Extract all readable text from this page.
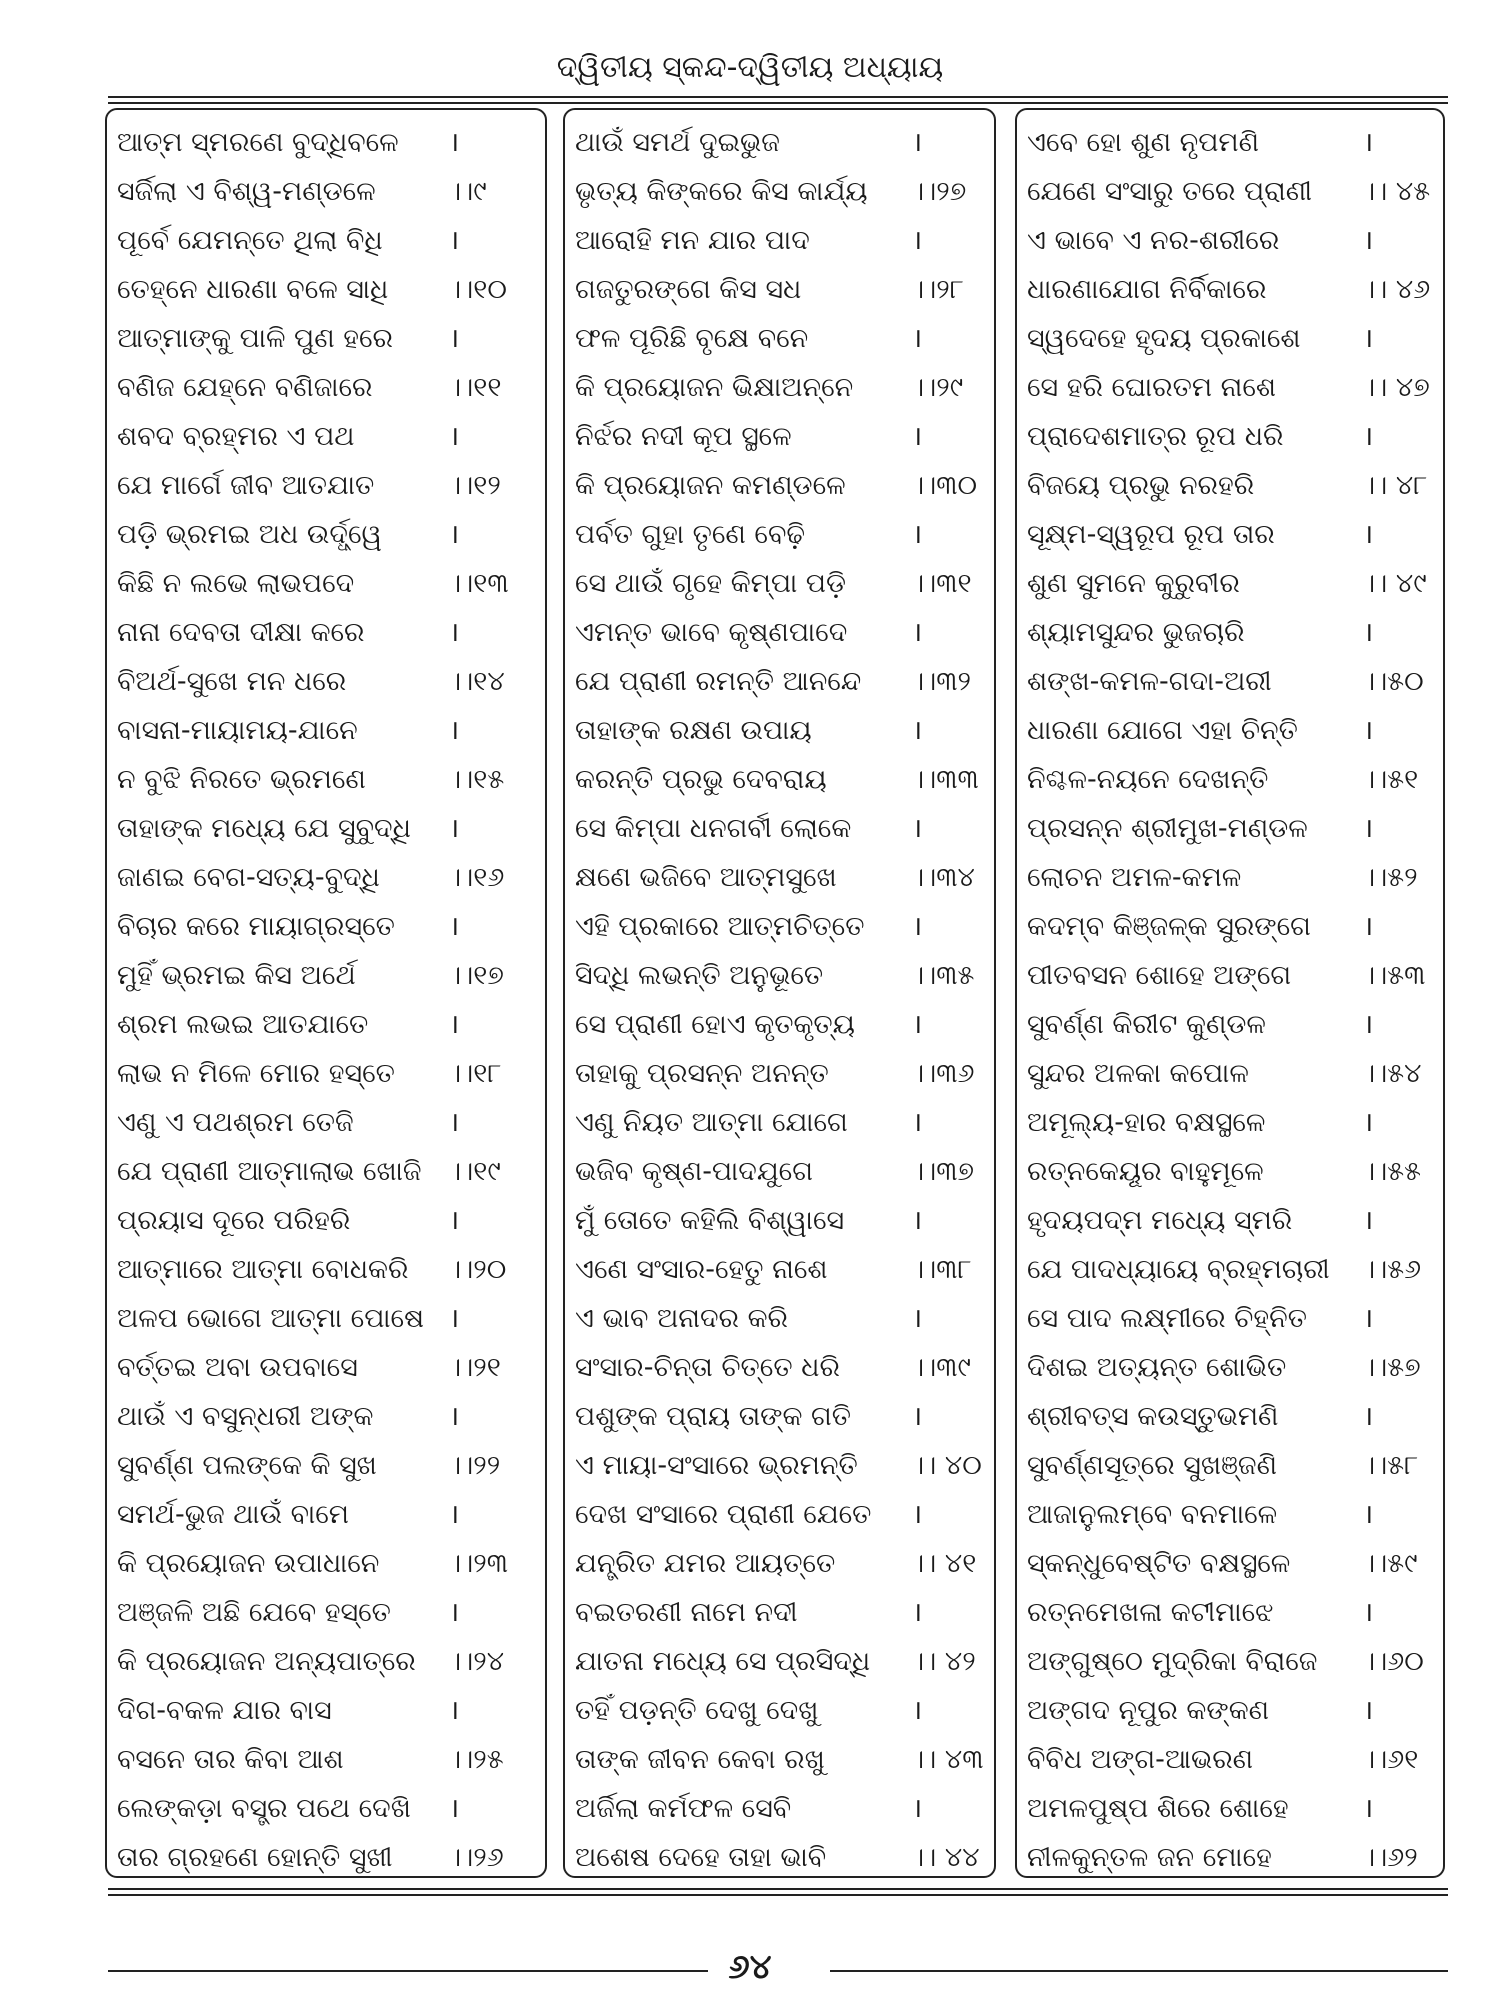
ଦ୍ୱିତୀୟ ସ୍କନ୍ଦ-ଦ୍ୱିତୀୟ ଅଧ୍ୟାୟ
ଆତ୍ମ ସ୍ମରଣେ ବୁଦ୍ଧିବଳେ ।
ସର୍ଜିଲା ଏ ବିଶ୍ୱ-ମଣ୍ଡଳେ	।।୯
ପୂର୍ବେ ଯେମନ୍ତେ ଥିଲା ବିଧି ।
ତେହ୍ନେ ଧାରଣା ବଳେ ସାଧି ।।୧୦
ଆତ୍ମାଙ୍କୁ ପାଳି ପୁଣ ହରେ ।
ବଣିଜ ଯେହ୍ନେ ବଣିଜାରେ	।।୧୧
ଶବଦ ବ୍ରହ୍ମର ଏ ପଥ	।
ଯେ ମାର୍ଗେ ଜୀବ ଆତଯାତ	।।୧୨
ପଡ଼ି ଭ୍ରମଇ ଅଧ ଉର୍ଦ୍ଧ୍ୱେ ।
କିଛି ନ ଲଭେ ଲାଭପଦେ	।।୧୩
ନାନା ଦେବତା ଦୀକ୍ଷା କରେ	।
ବିଅର୍ଥ-ସୁଖେ ମନ ଧରେ	।।୧୪
ବାସନା-ମାୟାମୟ-ଯାନେ	।
ନ ବୁଝି ନିରତେ ଭ୍ରମଣେ	।।୧୫
ତାହାଙ୍କ ମଧ୍ୟେ ଯେ ସୁବୁଦ୍ଧି ।
ଜାଣଇ ବେଗ-ସତ୍ୟ-ବୁଦ୍ଧି	।।୧୬
ବିଚାର କରେ ମାୟାଗ୍ରସ୍ତେ ।
ମୁହିଁ ଭ୍ରମଇ କିସ ଅର୍ଥେ	।।୧୭
ଶ୍ରମ ଲଭଇ ଆତଯାତେ	।
ଲାଭ ନ ମିଳେ ମୋର ହସ୍ତେ ।।୧୮
ଏଣୁ ଏ ପଥଶ୍ରମ ତେଜି	।
ଯେ ପ୍ରାଣୀ ଆତ୍ମାଲାଭ ଖୋଜି ।।୧୯
ପ୍ରୟାସ ଦୂରେ ପରିହରି	।
ଆତ୍ମାରେ ଆତ୍ମା ବୋଧକରି ।।୨୦
ଅଳପ ଭୋଗେ ଆତ୍ମା ପୋଷେ ।
ବର୍ତ୍ତଇ ଅବା ଉପବାସେ	।।୨୧
ଥାଉଁ ଏ ବସୁନ୍ଧରୀ ଅଙ୍କ	।
ସୁବର୍ଣ୍ଣ ପଲଙ୍କେ କି ସୁଖ	।।୨୨
ସମର୍ଥ-ଭୁଜ ଥାଉଁ ବାମେ	।
କି ପ୍ରୟୋଜନ ଉପାଧାନେ	।।୨୩
ଅଞ୍ଜଳି ଅଛି ଯେବେ ହସ୍ତେ ।
କି ପ୍ରୟୋଜନ ଅନ୍ୟପାତ୍ରେ ।।୨୪
ଦିଗ-ବକଳ ଯାର ବାସ	।
ବସନେ ତାର କିବା ଆଶ	।।୨୫
ଲେଙ୍କଡ଼ା ବସ୍ତ୍ର ପଥେ ଦେଖି ।
ତାର ଗ୍ରହଣେ ହୋନ୍ତି ସୁଖୀ ।।୨୬
ଥାଉଁ ସମର୍ଥ ଦୁଇଭୁଜ	।
ଭୃତ୍ୟ କିଙ୍କରେ କିସ କାର୍ଯ୍ୟ ।।୨୭
ଆରୋହି ମନ ଯାର ପାଦ	।
ଗଜତୁରଙ୍ଗେ କିସ ସଧ	।।୨୮
ଫଳ ପୂରିଛି ବୃକ୍ଷେ ବନେ	।
କି ପ୍ରୟୋଜନ ଭିକ୍ଷାଅନ୍ନେ ।।୨୯
ନିର୍ଝର ନଦୀ କୂପ ସ୍ଥଳେ	।
କି ପ୍ରୟୋଜନ କମଣ୍ଡଳେ ।।୩୦
ପର୍ବତ ଗୁହା ତୃଣେ ବେଢ଼ି	।
ସେ ଥାଉଁ ଗୃହେ କିମ୍ପା ପଡ଼ି ।।୩୧
ଏମନ୍ତ ଭାବେ କୃଷ୍ଣପାଦେ ।
ଯେ ପ୍ରାଣୀ ରମନ୍ତି ଆନନ୍ଦେ ।।୩୨
ତାହାଙ୍କ ରକ୍ଷଣ ଉପାୟ	।
କରନ୍ତି ପ୍ରଭୁ ଦେବରାୟ	।।୩୩
ସେ କିମ୍ପା ଧନଗର୍ବୀ ଲୋକେ ।
କ୍ଷଣେ ଭଜିବେ ଆତ୍ମସୁଖେ	।।୩୪
ଏହି ପ୍ରକାରେ ଆତ୍ମଚିତ୍ତେ ।
ସିଦ୍ଧି ଲଭନ୍ତି ଅନୁଭୂତେ	।।୩୫
ସେ ପ୍ରାଣୀ ହୋଏ କୃତକୃତ୍ୟ ।
ତାହାକୁ ପ୍ରସନ୍ନ ଅନନ୍ତ	।।୩୬
ଏଣୁ ନିୟତ ଆତ୍ମା ଯୋଗେ ।
ଭଜିବ କୃଷ୍ଣ-ପାଦଯୁଗେ	।।୩୭
ମୁଁ ତୋତେ କହିଲି ବିଶ୍ୱାସେ	।
ଏଣେ ସଂସାର-ହେତୁ ନାଶେ	।।୩୮
ଏ ଭାବ ଅନାଦର କରି	।
ସଂସାର-ଚିନ୍ତା ଚିତ୍ତେ ଧରି	।।୩୯
ପଶୁଙ୍କ ପ୍ରାୟ ତାଙ୍କ ଗତି ।
ଏ ମାୟା-ସଂସାରେ ଭ୍ରମନ୍ତି ।। ୪୦
ଦେଖ ସଂସାରେ ପ୍ରାଣୀ ଯେତେ ।
ଯନ୍ତ୍ରିତ ଯମର ଆୟତ୍ତେ	।। ୪୧
ବଇତରଣୀ ନାମେ ନଦୀ	।
ଯାତନା ମଧ୍ୟେ ସେ ପ୍ରସିଦ୍ଧି ।। ୪୨
ତହିଁ ପଡ଼ନ୍ତି ଦେଖୁ ଦେଖୁ	।
ତାଙ୍କ ଜୀବନ କେବା ରଖୁ	।। ୪୩
ଅର୍ଜିଲା କର୍ମଫଳ ସେବି	।
ଅଶେଷ ଦେହେ ତାହା ଭାବି	।। ୪୪
ଏବେ ହୋ ଶୁଣ ନୃପମଣି	।
ଯେଣେ ସଂସାରୁ ତରେ ପ୍ରାଣୀ ।। ୪୫
ଏ ଭାବେ ଏ ନର-ଶରୀରେ	।
ଧାରଣାଯୋଗ ନିର୍ବିକାରେ	।। ୪୬
ସ୍ୱଦେହେ ହୃଦୟ ପ୍ରକାଶେ ।
ସେ ହରି ଘୋରତମ ନାଶେ	।। ୪୭
ପ୍ରାଦେଶମାତ୍ର ରୂପ ଧରି	।
ବିଜୟେ ପ୍ରଭୁ ନରହରି	।। ୪୮
ସୂକ୍ଷ୍ମ-ସ୍ୱରୂପ ରୂପ ତାର	।
ଶୁଣ ସୁମନେ କୁରୁବୀର	।। ୪୯
ଶ୍ୟାମସୁନ୍ଦର ଭୁଜଚାରି	।
ଶଙ୍ଖ-କମଳ-ଗଦା-ଅରୀ	।।୫୦
ଧାରଣା ଯୋଗେ ଏହା ଚିନ୍ତି ।
ନିଶ୍ଚଳ-ନୟନେ ଦେଖନ୍ତି	।।୫୧
ପ୍ରସନ୍ନ ଶ୍ରୀମୁଖ-ମଣ୍ଡଳ ।
ଲୋଚନ ଅମଳ-କମଳ	।।୫୨
କଦମ୍ବ କିଞ୍ଜଳ୍କ ସୁରଙ୍ଗେ ।
ପୀତବସନ ଶୋହେ ଅଙ୍ଗେ	।।୫୩
ସୁବର୍ଣ୍ଣ କିରୀଟ କୁଣ୍ଡଳ	।
ସୁନ୍ଦର ଅଳକା କପୋଳ	।।୫୪
ଅମୂଲ୍ୟ-ହାର ବକ୍ଷସ୍ଥଳେ	।
ରତ୍ନକେୟୂର ବାହୁମୂଳେ	।।୫୫
ହୃଦୟପଦ୍ମ ମଧ୍ୟେ ସ୍ମରି	।
ଯେ ପାଦଧ୍ୟାୟେ ବ୍ରହ୍ମଚାରୀ ।।୫୬
ସେ ପାଦ ଲକ୍ଷ୍ମୀରେ ଚିହ୍ନିତ ।
ଦିଶଇ ଅତ୍ୟନ୍ତ ଶୋଭିତ	।।୫୭
ଶ୍ରୀବତ୍ସ କଉସ୍ତୁଭମଣି	।
ସୁବର୍ଣ୍ଣସୂତ୍ରେ ସୁଖଞ୍ଜଣି	।।୫୮
ଆଜାନୁଲମ୍ବେ ବନମାଳେ	।
ସ୍କନ୍ଧୁବେଷ୍ଟିତ ବକ୍ଷସ୍ଥଳେ	।।୫୯
ରତ୍ନମେଖଳା କଟୀମାଝେ	।
ଅଙ୍ଗୁଷ୍ଠେ ମୁଦ୍ରିକା ବିରାଜେ ।।୬୦
ଅଙ୍ଗଦ ନୂପୁର କଙ୍କଣ	।
ବିବିଧ ଅଙ୍ଗ-ଆଭରଣ	।।୬୧
ଅମଳପୁଷ୍ପ ଶିରେ ଶୋହେ	।
ନୀଳକୁନ୍ତଳ ଜନ ମୋହେ	।।୬୨
୬୪
